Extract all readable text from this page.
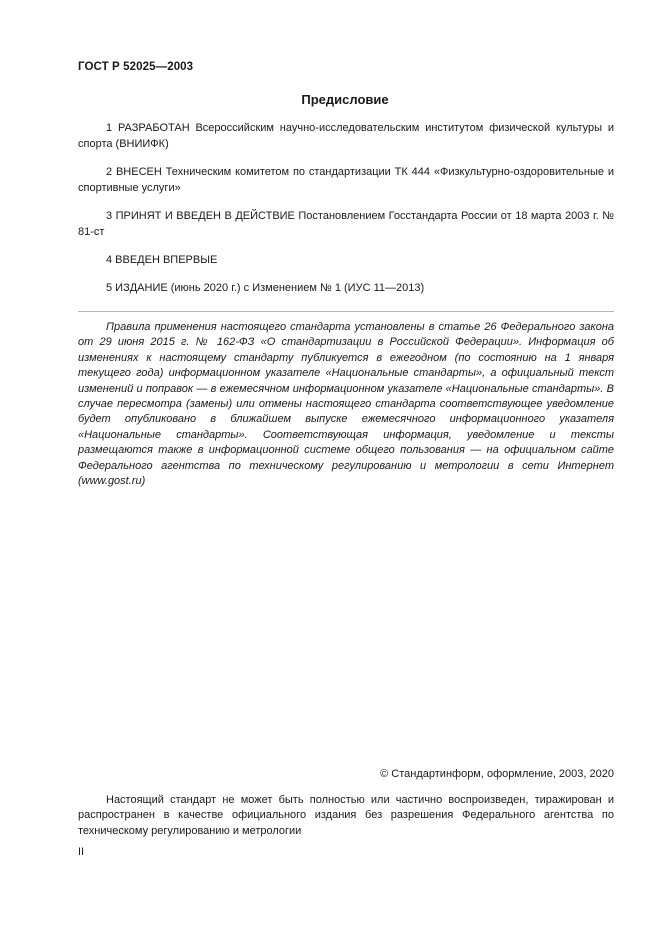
ГОСТ Р 52025—2003
Предисловие

1 РАЗРАБОТАН Всероссийским научно-исследовательским институтом физической культуры и спорта (ВНИИФК)

2 ВНЕСЕН Техническим комитетом по стандартизации ТК 444 «Физкультурно-оздоровительные и спортивные услуги»

3 ПРИНЯТ И ВВЕДЕН В ДЕЙСТВИЕ Постановлением Госстандарта России от 18 марта 2003 г. № 81-ст

4 ВВЕДЕН ВПЕРВЫЕ

5 ИЗДАНИЕ (июнь 2020 г.) с Изменением № 1 (ИУС 11—2013)

Правила применения настоящего стандарта установлены в статье 26 Федерального закона от 29 июня 2015 г. № 162-ФЗ «О стандартизации в Российской Федерации». Информация об изменениях к настоящему стандарту публикуется в ежегодном (по состоянию на 1 января текущего года) информационном указателе «Национальные стандарты», а официальный текст изменений и поправок — в ежемесячном информационном указателе «Национальные стандарты». В случае пересмотра (замены) или отмены настоящего стандарта соответствующее уведомление будет опубликовано в ближайшем выпуске ежемесячного информационного указателя «Национальные стандарты». Соответствующая информация, уведомление и тексты размещаются также в информационной системе общего пользования — на официальном сайте Федерального агентства по техническому регулированию и метрологии в сети Интернет (www.gost.ru)

© Стандартинформ, оформление, 2003, 2020

Настоящий стандарт не может быть полностью или частично воспроизведен, тиражирован и распространен в качестве официального издания без разрешения Федерального агентства по техническому регулированию и метрологии

II
